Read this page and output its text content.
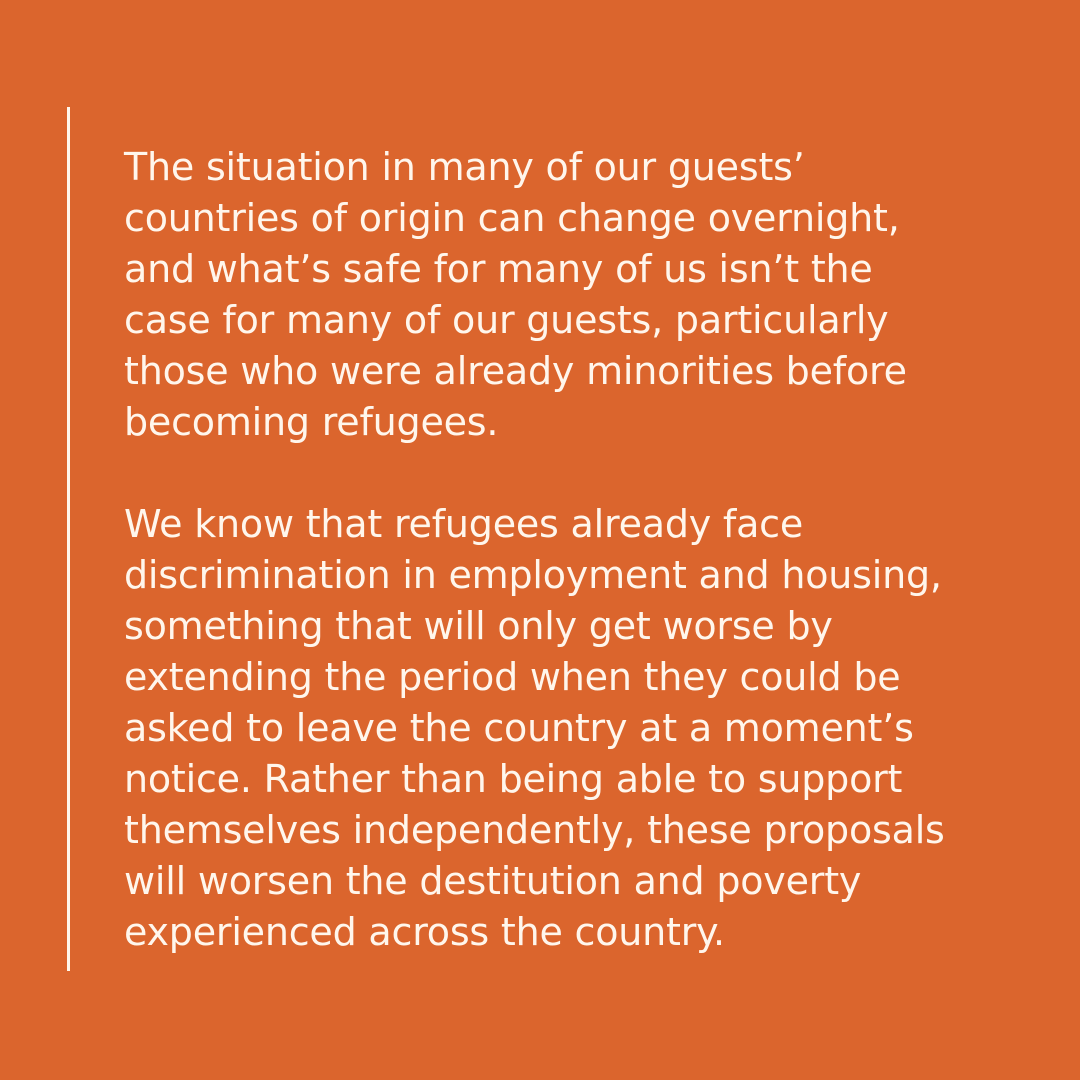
The situation in many of our guests’
countries of origin can change overnight,
and what’s safe for many of us isn’t the
case for many of our guests, particularly
those who were already minorities before
becoming refugees.

We know that refugees already face
discrimination in employment and housing,
something that will only get worse by
extending the period when they could be
asked to leave the country at a moment’s
notice. Rather than being able to support
themselves independently, these proposals
will worsen the destitution and poverty
experienced across the country.
